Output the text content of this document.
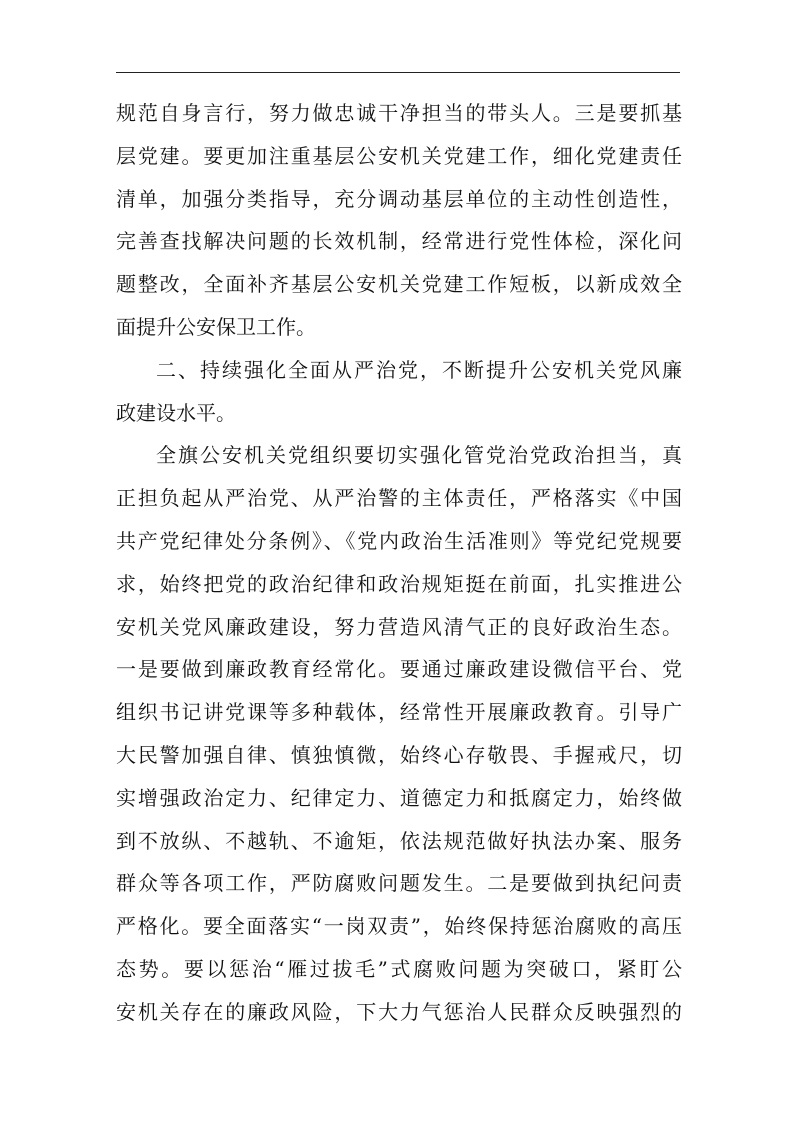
规范自身言行，努力做忠诚干净担当的带头人。三是要抓基
层党建。要更加注重基层公安机关党建工作，细化党建责任
清单，加强分类指导，充分调动基层单位的主动性创造性，
完善查找解决问题的长效机制，经常进行党性体检，深化问
题整改，全面补齐基层公安机关党建工作短板，以新成效全
面提升公安保卫工作。
二、持续强化全面从严治党，不断提升公安机关党风廉
政建设水平。
全旗公安机关党组织要切实强化管党治党政治担当，真
正担负起从严治党、从严治警的主体责任，严格落实《中国
共产党纪律处分条例》、《党内政治生活准则》等党纪党规要
求，始终把党的政治纪律和政治规矩挺在前面，扎实推进公
安机关党风廉政建设，努力营造风清气正的良好政治生态。
一是要做到廉政教育经常化。要通过廉政建设微信平台、党
组织书记讲党课等多种载体，经常性开展廉政教育。引导广
大民警加强自律、慎独慎微，始终心存敬畏、手握戒尺，切
实增强政治定力、纪律定力、道德定力和抵腐定力，始终做
到不放纵、不越轨、不逾矩，依法规范做好执法办案、服务
群众等各项工作，严防腐败问题发生。二是要做到执纪问责
严格化。要全面落实“一岗双责”，始终保持惩治腐败的高压
态势。要以惩治“雁过拔毛”式腐败问题为突破口，紧盯公
安机关存在的廉政风险，下大力气惩治人民群众反映强烈的
